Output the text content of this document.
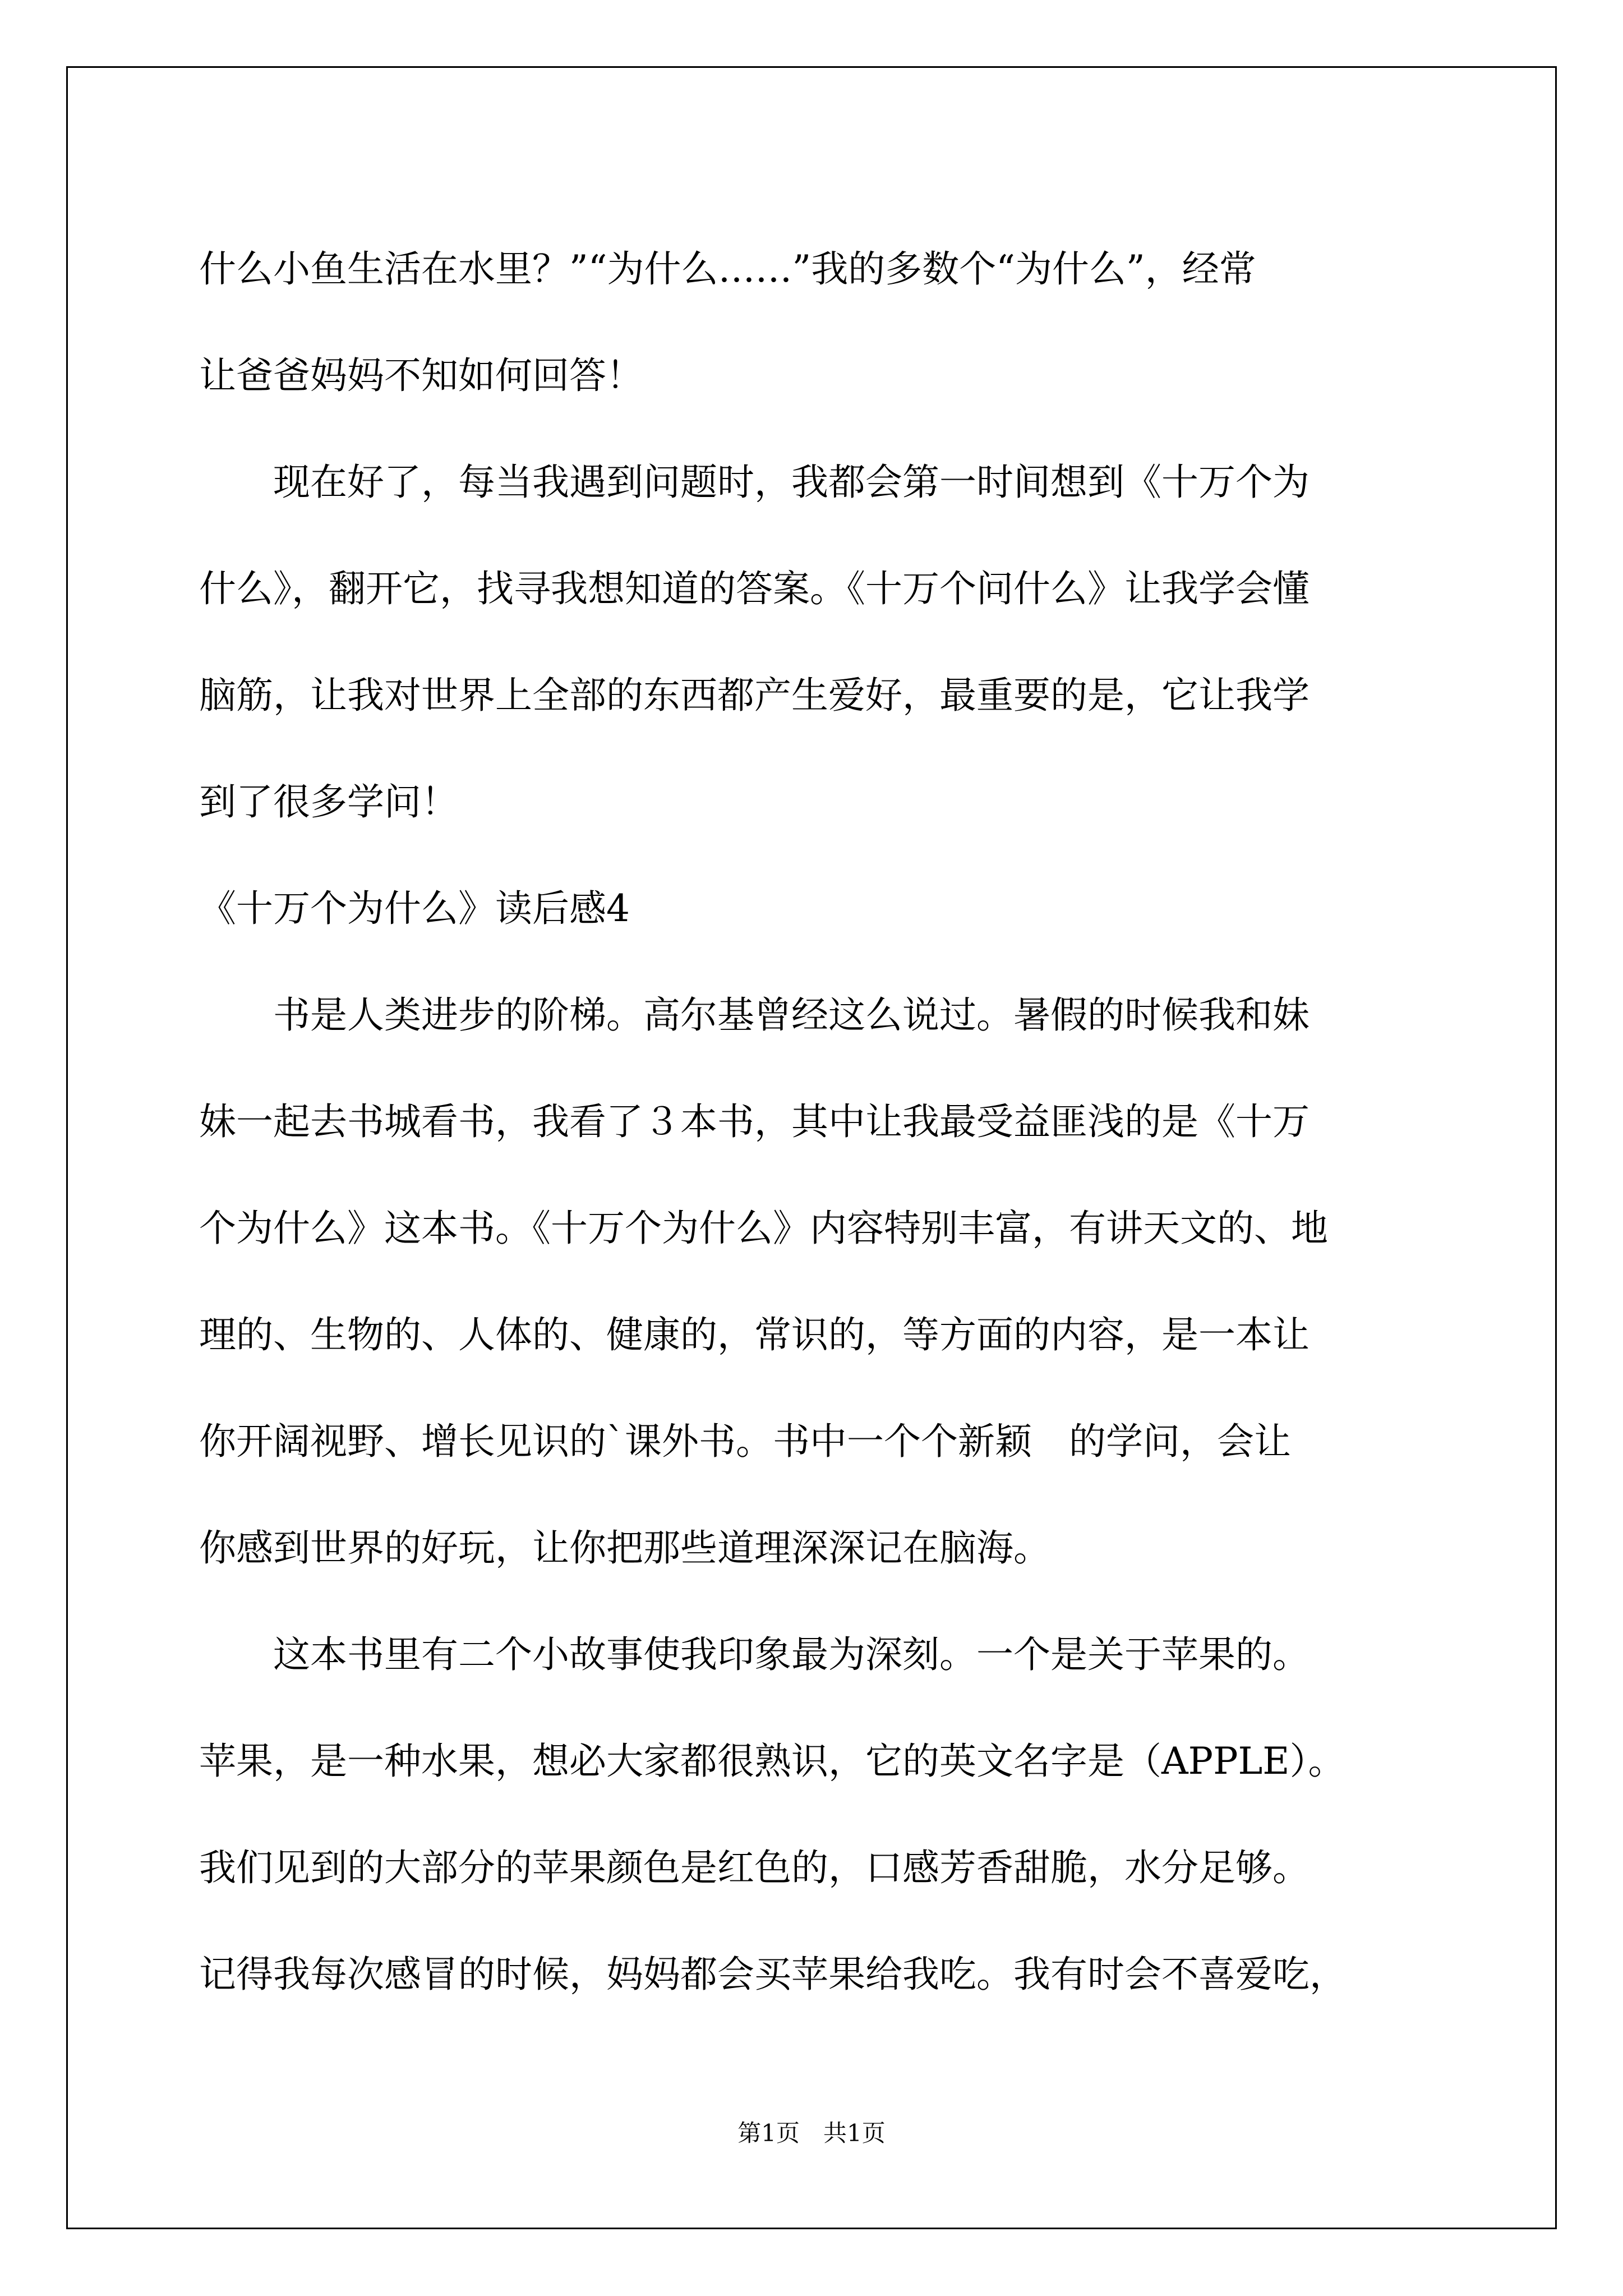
什么小鱼生活在水里？”“为什么……”我的多数个“为什么”，经常
让爸爸妈妈不知如何回答！

现在好了，每当我遇到问题时，我都会第一时间想到《十万个为
什么》，翻开它，找寻我想知道的答案。《十万个问什么》让我学会懂
脑筋，让我对世界上全部的东西都产生爱好，最重要的是，它让我学
到了很多学问！

《十万个为什么》读后感4

书是人类进步的阶梯。高尔基曾经这么说过。暑假的时候我和妹
妹一起去书城看书，我看了３本书，其中让我最受益匪浅的是《十万
个为什么》这本书。《十万个为什么》内容特别丰富，有讲天文的、地
理的、生物的、人体的、健康的，常识的，等方面的内容，是一本让
你开阔视野、增长见识的`课外书。书中一个个新颖　的学问，会让
你感到世界的好玩，让你把那些道理深深记在脑海。

这本书里有二个小故事使我印象最为深刻。一个是关于苹果的。
苹果，是一种水果，想必大家都很熟识，它的英文名字是（APPLE）。
我们见到的大部分的苹果颜色是红色的，口感芳香甜脆，水分足够。
记得我每次感冒的时候，妈妈都会买苹果给我吃。我有时会不喜爱吃，

第1页　共1页
